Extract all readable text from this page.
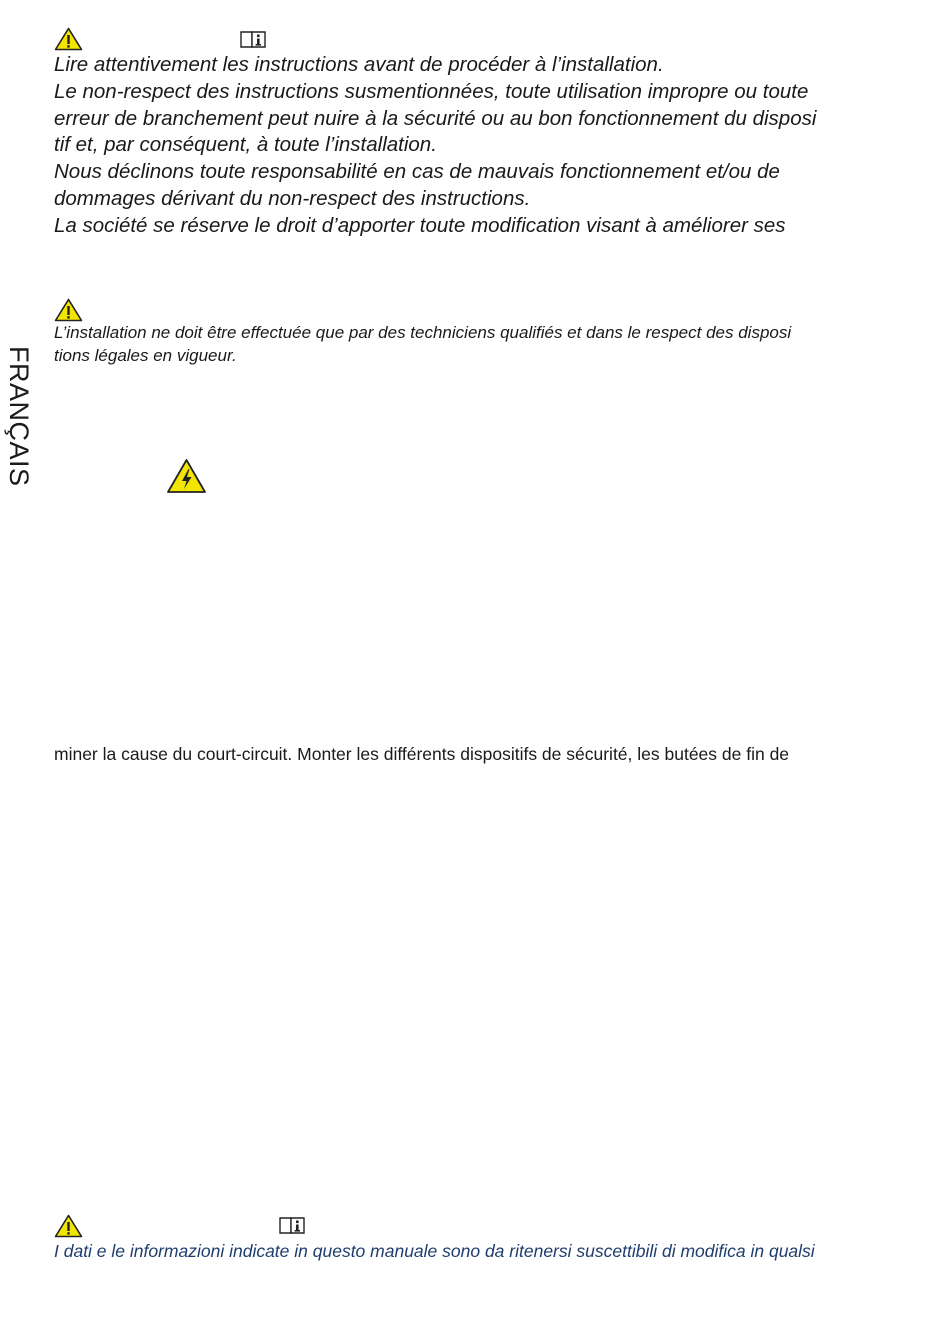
FRANÇAIS
Lire attentivement les instructions avant de procéder à l’installation.
Le non-respect des instructions susmentionnées, toute utilisation impropre ou toute
erreur de branchement peut nuire à la sécurité ou au bon fonctionnement du disposi
tif et, par conséquent, à toute l’installation.
Nous déclinons toute responsabilité en cas de mauvais fonctionnement et/ou de
dommages dérivant du non-respect des instructions.
La société se réserve le droit d’apporter toute modification visant à améliorer ses
L’installation ne doit être effectuée que par des techniciens qualifiés et dans le respect des disposi
tions légales en vigueur.
miner la cause du court-circuit. Monter les différents dispositifs de sécurité, les butées de fin de
I dati e le informazioni indicate in questo manuale sono da ritenersi suscettibili di modifica in qualsi
